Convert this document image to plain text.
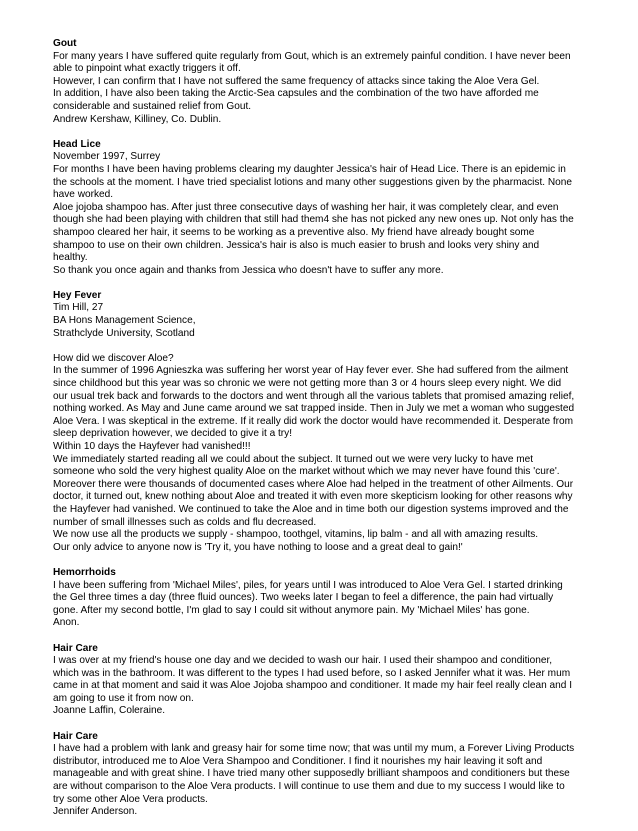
Gout
For many years I have suffered quite regularly from Gout, which is an extremely painful condition. I have never been
able to pinpoint what exactly triggers it off.
However, I can confirm that I have not suffered the same frequency of attacks since taking the Aloe Vera Gel.
In addition, I have also been taking the Arctic-Sea capsules and the combination of the two have afforded me
considerable and sustained relief from Gout.
Andrew Kershaw, Killiney, Co. Dublin.
Head Lice
November 1997, Surrey
For months I have been having problems clearing my daughter Jessica's hair of Head Lice. There is an epidemic in
the schools at the moment. I have tried specialist lotions and many other suggestions given by the pharmacist. None
have worked.
Aloe jojoba shampoo has. After just three consecutive days of washing her hair, it was completely clear, and even
though she had been playing with children that still had them4 she has not picked any new ones up. Not only has the
shampoo cleared her hair, it seems to be working as a preventive also. My friend have already bought some
shampoo to use on their own children. Jessica's hair is also is much easier to brush and looks very shiny and
healthy.
So thank you once again and thanks from Jessica who doesn't have to suffer any more.
Hey Fever
Tim Hill, 27
BA Hons Management Science,
Strathclyde University, Scotland
How did we discover Aloe?
In the summer of 1996 Agnieszka was suffering her worst year of Hay fever ever. She had suffered from the ailment
since childhood but this year was so chronic we were not getting more than 3 or 4 hours sleep every night. We did
our usual trek back and forwards to the doctors and went through all the various tablets that promised amazing relief,
nothing worked. As May and June came around we sat trapped inside. Then in July we met a woman who suggested
Aloe Vera. I was skeptical in the extreme. If it really did work the doctor would have recommended it. Desperate from
sleep deprivation however, we decided to give it a try!
Within 10 days the Hayfever had vanished!!!
We immediately started reading all we could about the subject. It turned out we were very lucky to have met
someone who sold the very highest quality Aloe on the market without which we may never have found this 'cure'.
Moreover there were thousands of documented cases where Aloe had helped in the treatment of other Ailments. Our
doctor, it turned out, knew nothing about Aloe and treated it with even more skepticism looking for other reasons why
the Hayfever had vanished. We continued to take the Aloe and in time both our digestion systems improved and the
number of small illnesses such as colds and flu decreased.
We now use all the products we supply - shampoo, toothgel, vitamins, lip balm - and all with amazing results.
Our only advice to anyone now is 'Try it, you have nothing to loose and a great deal to gain!'
Hemorrhoids
I have been suffering from 'Michael Miles', piles, for years until I was introduced to Aloe Vera Gel. I started drinking
the Gel three times a day (three fluid ounces). Two weeks later I began to feel a difference, the pain had virtually
gone. After my second bottle, I'm glad to say I could sit without anymore pain. My 'Michael Miles' has gone.
Anon.
Hair Care
I was over at my friend's house one day and we decided to wash our hair. I used their shampoo and conditioner,
which was in the bathroom. It was different to the types I had used before, so I asked Jennifer what it was. Her mum
came in at that moment and said it was Aloe Jojoba shampoo and conditioner. It made my hair feel really clean and I
am going to use it from now on.
Joanne Laffin, Coleraine.
Hair Care
I have had a problem with lank and greasy hair for some time now; that was until my mum, a Forever Living Products
distributor, introduced me to Aloe Vera Shampoo and Conditioner. I find it nourishes my hair leaving it soft and
manageable and with great shine. I have tried many other supposedly brilliant shampoos and conditioners but these
are without comparison to the Aloe Vera products. I will continue to use them and due to my success I would like to
try some other Aloe Vera products.
Jennifer Anderson.
